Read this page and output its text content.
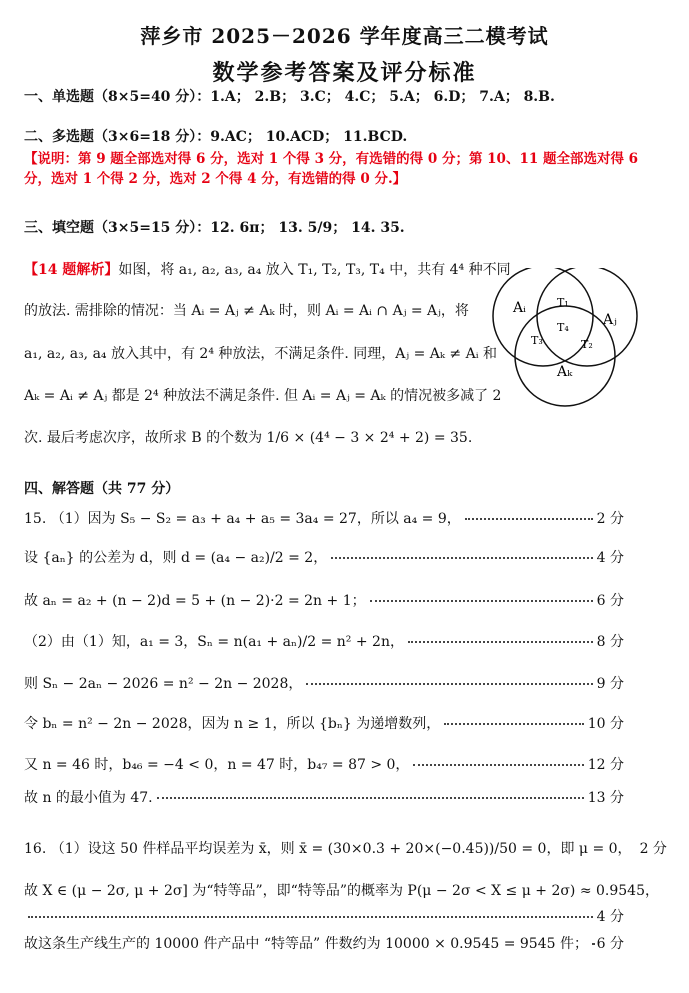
萍乡市 2025－2026 学年度高三二模考试
数学参考答案及评分标准
一、单选题（8×5=40 分）：1.A； 2.B； 3.C； 4.C； 5.A； 6.D； 7.A； 8.B.
二、多选题（3×6=18 分）：9.AC； 10.ACD； 11.BCD.
【说明：第 9 题全部选对得 6 分，选对 1 个得 3 分，有选错的得 0 分；第 10、11 题全部选对得 6
分，选对 1 个得 2 分，选对 2 个得 4 分，有选错的得 0 分.】
三、填空题（3×5=15 分）：12. 6π； 13. 5/9； 14. 35.
【14 题解析】如图，将 a₁, a₂, a₃, a₄ 放入 T₁, T₂, T₃, T₄ 中，共有 4⁴ 种不同
的放法. 需排除的情况：当 Aᵢ = Aⱼ ≠ Aₖ 时，则 Aᵢ = Aᵢ ∩ Aⱼ = Aⱼ，将
a₁, a₂, a₃, a₄ 放入其中，有 2⁴ 种放法，不满足条件. 同理，Aⱼ = Aₖ ≠ Aᵢ 和
Aₖ = Aᵢ ≠ Aⱼ 都是 2⁴ 种放法不满足条件. 但 Aᵢ = Aⱼ = Aₖ 的情况被多减了 2
次. 最后考虑次序，故所求 B 的个数为 1/6 × (4⁴ − 3 × 2⁴ + 2) = 35.
Aᵢ
Aⱼ
Aₖ
T₁
T₂
T₃
T₄
四、解答题（共 77 分）
15. （1）因为 S₅ − S₂ = a₃ + a₄ + a₅ = 3a₄ = 27，所以 a₄ = 9，	2 分
设 {aₙ} 的公差为 d，则 d = (a₄ − a₂)/2 = 2，	4 分
故 aₙ = a₂ + (n − 2)d = 5 + (n − 2)·2 = 2n + 1；	6 分
（2）由（1）知，a₁ = 3，Sₙ = n(a₁ + aₙ)/2 = n² + 2n，	8 分
则 Sₙ − 2aₙ − 2026 = n² − 2n − 2028，	9 分
令 bₙ = n² − 2n − 2028，因为 n ≥ 1，所以 {bₙ} 为递增数列，	10 分
又 n = 46 时，b₄₆ = −4 < 0，n = 47 时，b₄₇ = 87 > 0，	12 分
故 n 的最小值为 47.	13 分
16. （1）设这 50 件样品平均误差为 x̄，则 x̄ = (30×0.3 + 20×(−0.45))/50 = 0，即 μ = 0， 2 分
故 X ∈ (μ − 2σ, μ + 2σ] 为“特等品”，即“特等品”的概率为 P(μ − 2σ < X ≤ μ + 2σ) ≈ 0.9545，
4 分
故这条生产线生产的 10000 件产品中 “特等品” 件数约为 10000 × 0.9545 = 9545 件； 6 分
